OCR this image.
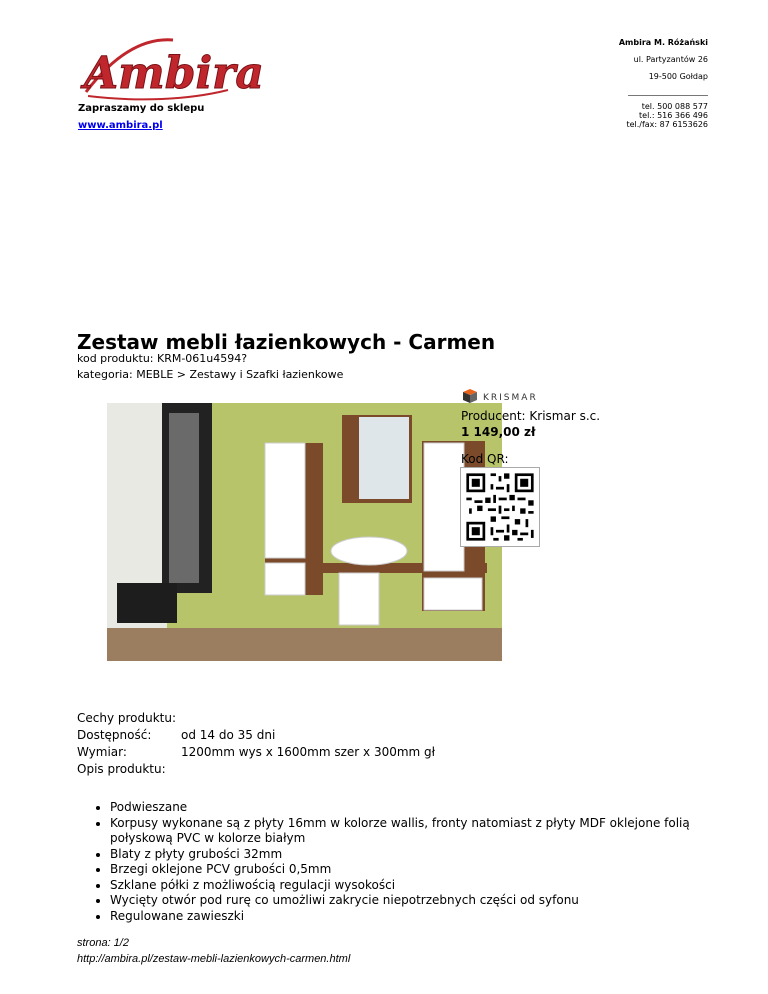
Ambira
Zapraszamy do sklepu
www.ambira.pl
Ambira M. Różański
ul. Partyzantów 26
19-500 Gołdap
tel. 500 088 577
tel.: 516 366 496
tel./fax: 87 6153626
Zestaw mebli łazienkowych - Carmen
kod produktu: KRM-061u4594?
kategoria: MEBLE > Zestawy i Szafki łazienkowe
KRISMAR
Producent: Krismar s.c.
1 149,00 zł
Kod QR:
Cechy produktu:
Dostępność:	od 14 do 35 dni
Wymiar:	1200mm wys x 1600mm szer x 300mm gł
Opis produktu:
• Podwieszane
• Korpusy wykonane są z płyty 16mm w kolorze wallis, fronty natomiast z płyty MDF oklejone folią połyskową PVC w kolorze białym
• Blaty z płyty grubości 32mm
• Brzegi oklejone PCV grubości 0,5mm
• Szklane półki z możliwością regulacji wysokości
• Wycięty otwór pod rurę co umożliwi zakrycie niepotrzebnych części od syfonu
• Regulowane zawieszki
strona: 1/2
http://ambira.pl/zestaw-mebli-lazienkowych-carmen.html
